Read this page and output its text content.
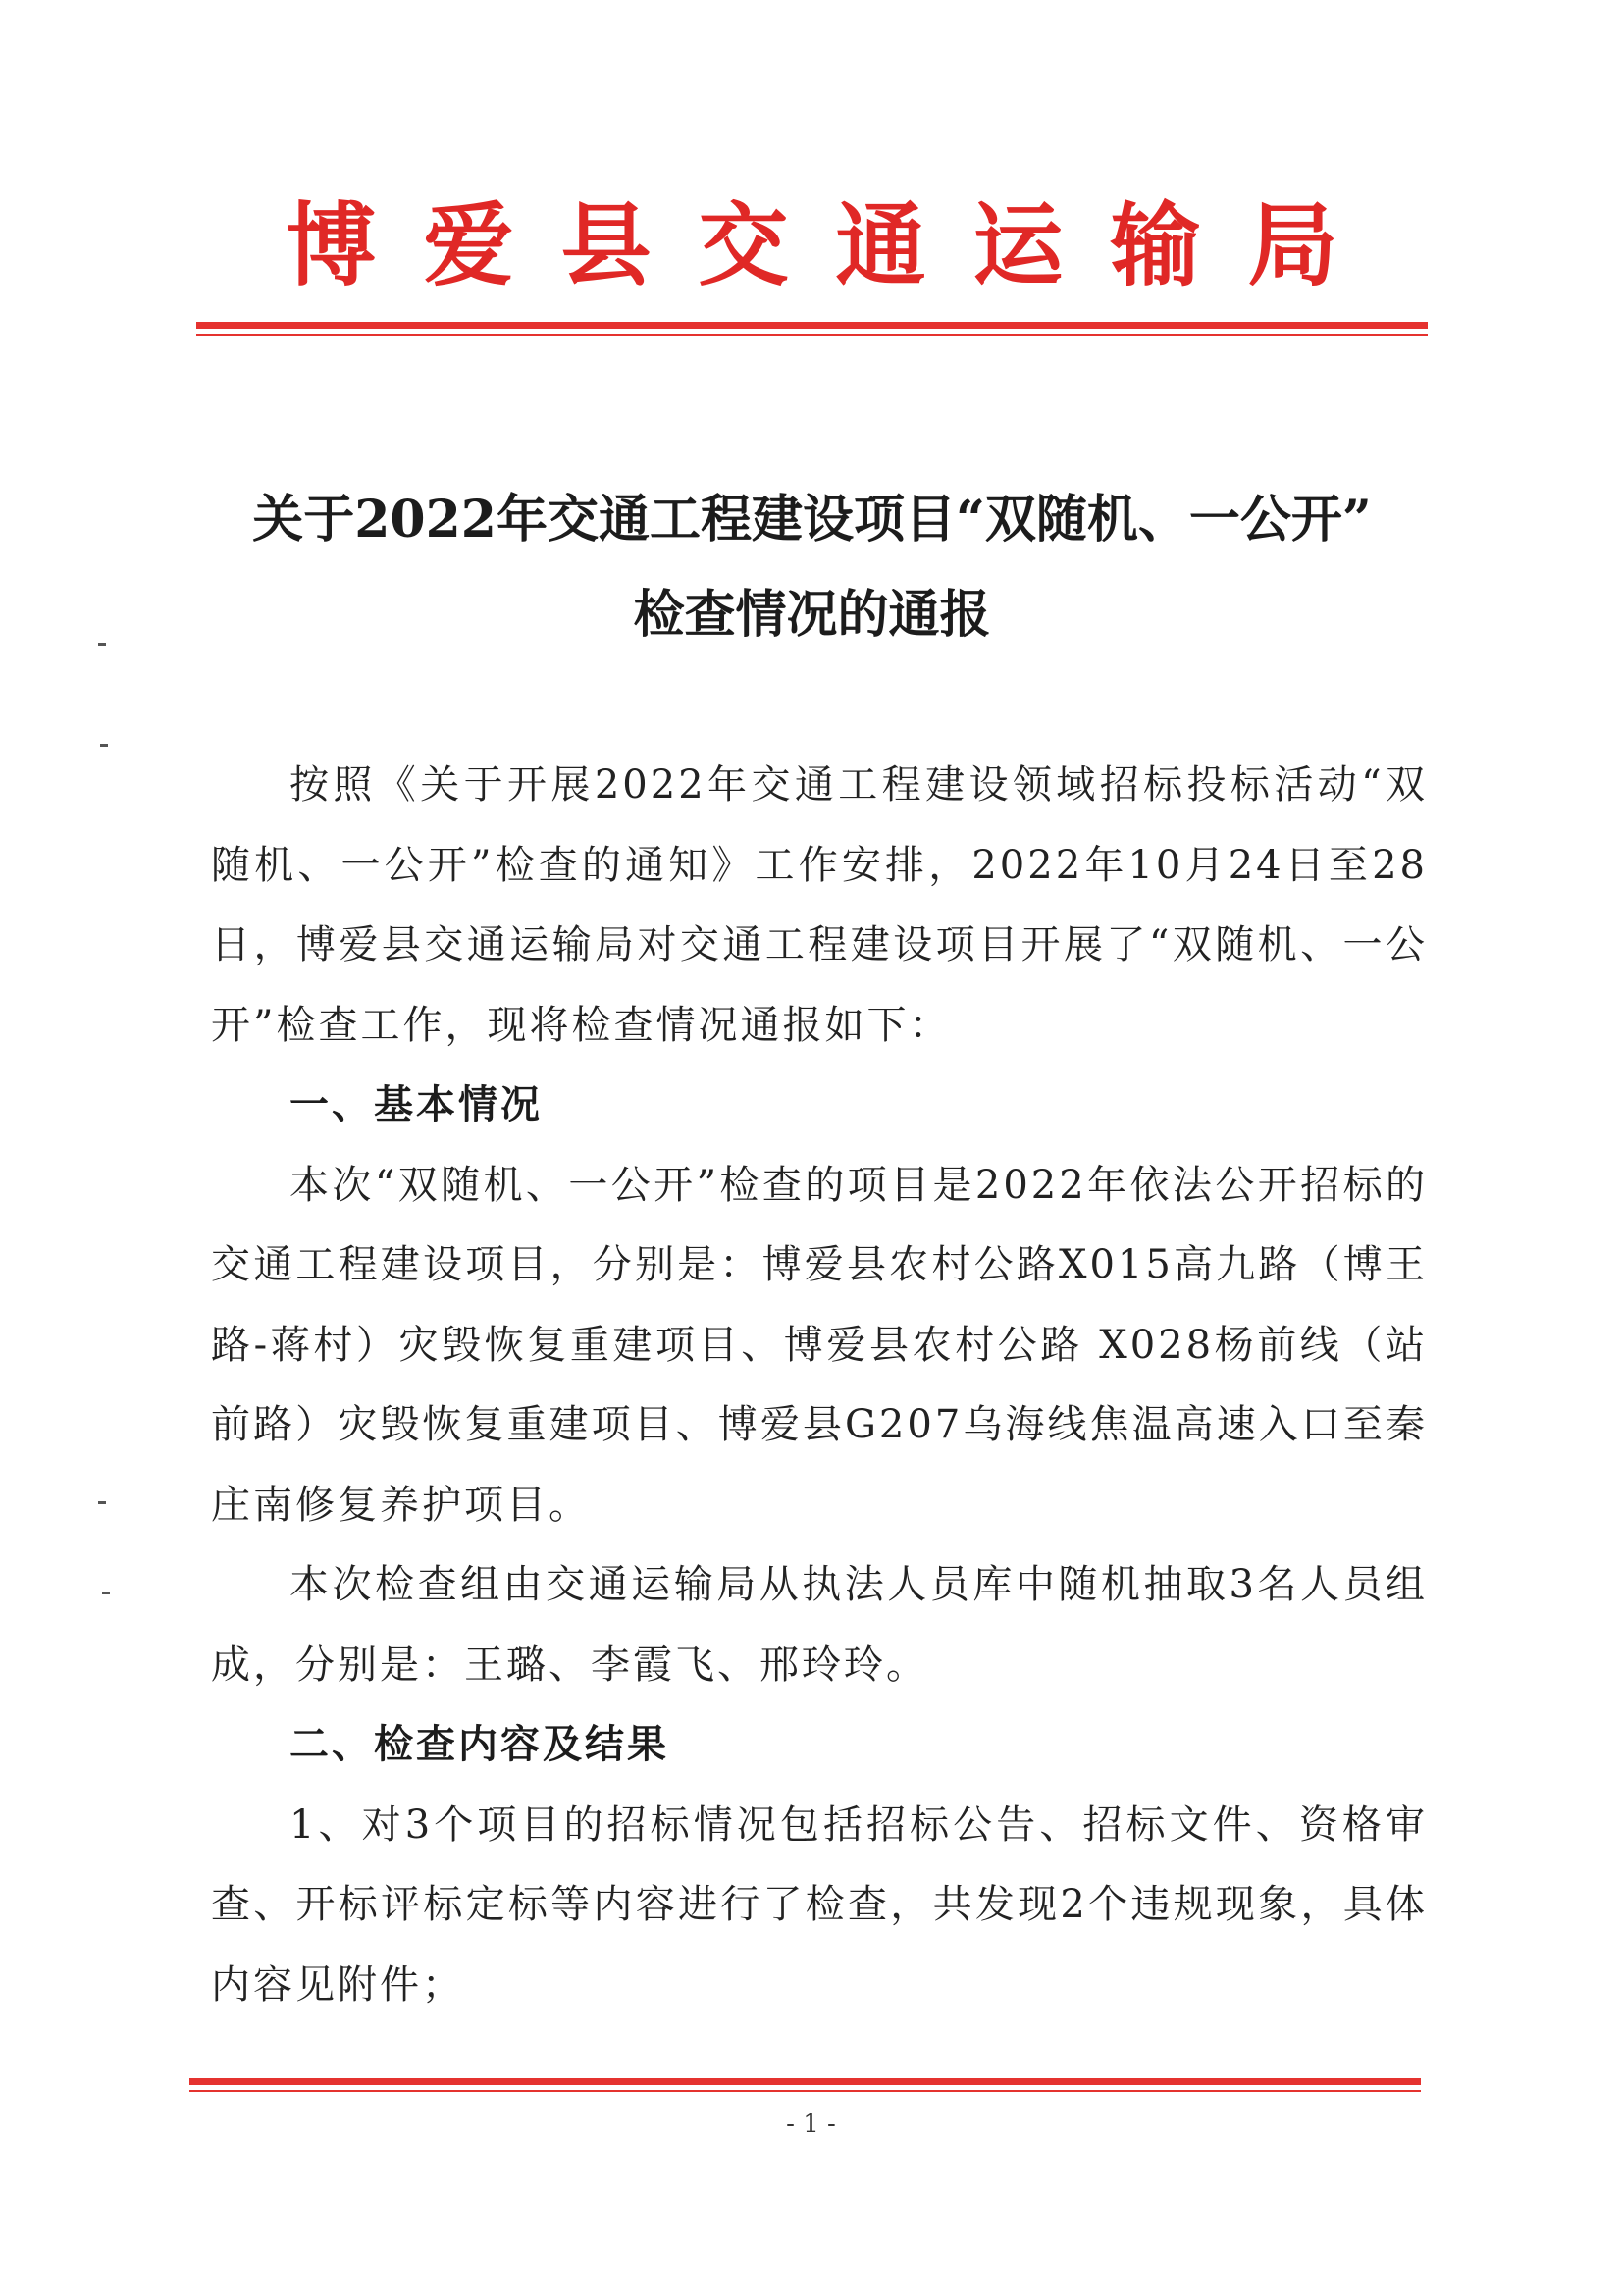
博爱县交通运输局
关于2022年交通工程建设项目“双随机、一公开”
检查情况的通报

按照《关于开展2022年交通工程建设领域招标投标活动“双随机、一公开”检查的通知》工作安排，2022年10月24日至28日，博爱县交通运输局对交通工程建设项目开展了“双随机、一公开”检查工作，现将检查情况通报如下：

一、基本情况

本次“双随机、一公开”检查的项目是2022年依法公开招标的交通工程建设项目，分别是：博爱县农村公路X015高九路（博王路-蒋村）灾毁恢复重建项目、博爱县农村公路 X028杨前线（站前路）灾毁恢复重建项目、博爱县G207乌海线焦温高速入口至秦庄南修复养护项目。

本次检查组由交通运输局从执法人员库中随机抽取3名人员组成，分别是：王璐、李霞飞、邢玲玲。

二、检查内容及结果

1、对3个项目的招标情况包括招标公告、招标文件、资格审查、开标评标定标等内容进行了检查，共发现2个违规现象，具体内容见附件；

- 1 -
